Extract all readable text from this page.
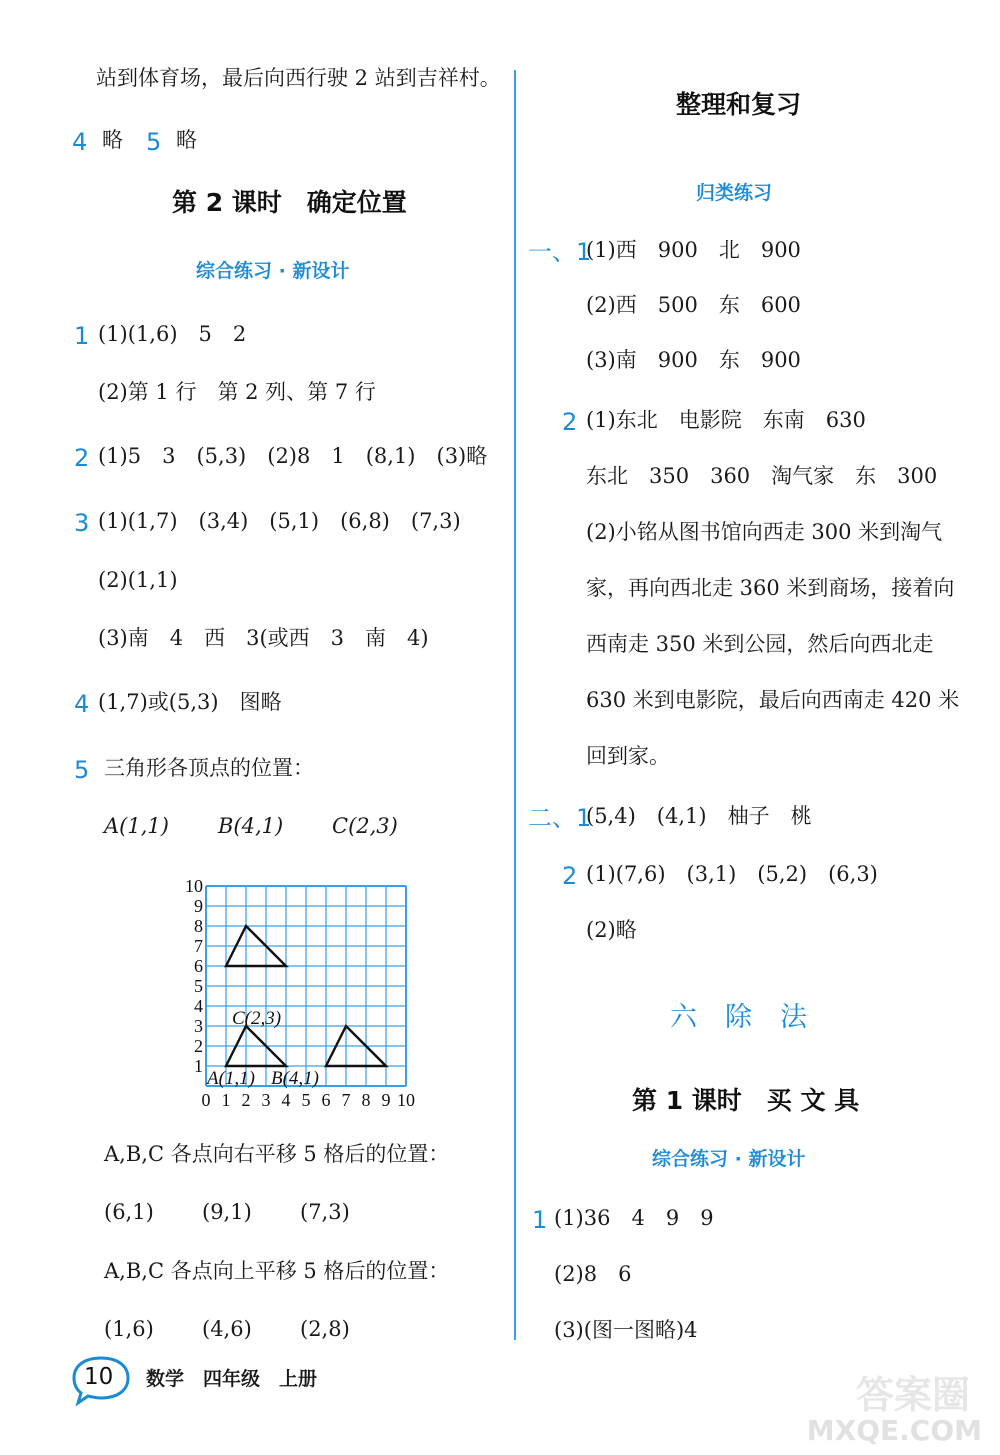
站到体育场，最后向西行驶 2 站到吉祥村。
4 略 5 略
第 2 课时　确定位置
综合练习 · 新设计
1 (1)(1,6)　5　2
(2)第 1 行　第 2 列、第 7 行
2 (1)5　3　(5,3)　(2)8　1　(8,1)　(3)略
3 (1)(1,7)　(3,4)　(5,1)　(6,8)　(7,3)
(2)(1,1)
(3)南　4　西　3(或西　3　南　4)
4 (1,7)或(5,3)　图略
5 三角形各顶点的位置：
A(1,1) B(4,1) C(2,3)
0 1 2 3 4 5 6 7 8 9 10
1
2
3
4
5
6
7
8
9
10
C(2,3)
A(1,1) B(4,1)
A,B,C 各点向右平移 5 格后的位置：
(6,1) (9,1) (7,3)
A,B,C 各点向上平移 5 格后的位置：
(1,6) (4,6) (2,8)
整理和复习
归类练习
一、1
(1)西　900　北　900
(2)西　500　东　600
(3)南　900　东　900
2 (1)东北　电影院　东南　630
东北　350　360　淘气家　东　300
(2)小铭从图书馆向西走 300 米到淘气
家，再向西北走 360 米到商场，接着向
西南走 350 米到公园，然后向西北走
630 米到电影院，最后向西南走 420 米
回到家。
二、1
(5,4)　(4,1)　柚子　桃
2 (1)(7,6)　(3,1)　(5,2)　(6,3)
(2)略
六除法
第 1 课时　买 文 具
综合练习 · 新设计
1 (1)36　4　9　9
(2)8　6
(3)(图一图略)4
10 数学　四年级　上册	答案圈
MXQE.COM
